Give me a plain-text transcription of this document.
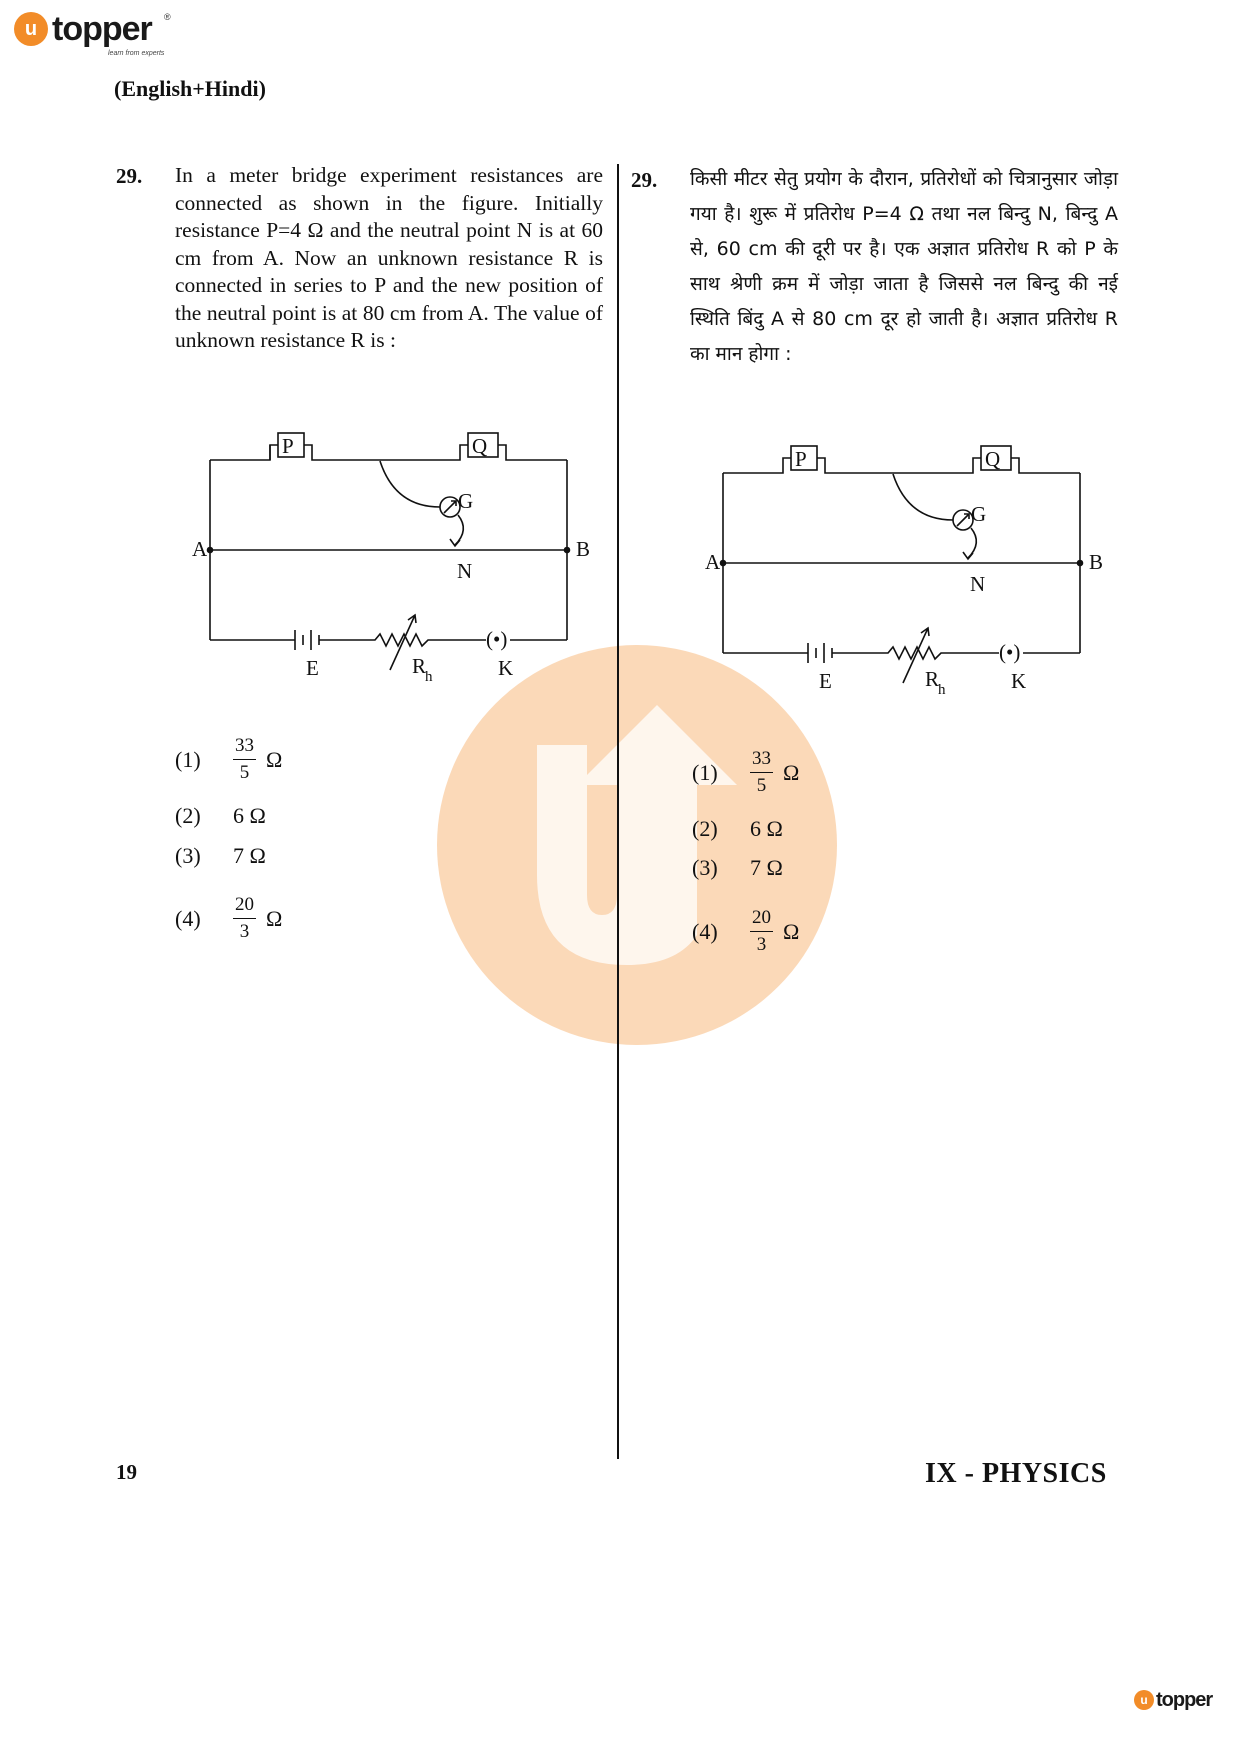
u topper ®
learn from experts
(English+Hindi)
29. In a meter bridge experiment resistances are connected as shown in the figure. Initially resistance P=4 Ω and the neutral point N is at 60 cm from A. Now an unknown resistance R is connected in series to P and the new position of the neutral point is at 80 cm from A. The value of unknown resistance R is :
29. किसी मीटर सेतु प्रयोग के दौरान, प्रतिरोधों को चित्रानुसार जोड़ा गया है। शुरू में प्रतिरोध P=4 Ω तथा नल बिन्दु N, बिन्दु A से, 60 cm की दूरी पर है। एक अज्ञात प्रतिरोध R को P के साथ श्रेणी क्रम में जोड़ा जाता है जिससे नल बिन्दु की नई स्थिति बिंदु A से 80 cm दूर हो जाती है। अज्ञात प्रतिरोध R का मान होगा :
P	Q
G
A	B
N
(•)
E	R
h	K
P	Q
G
A	B
N
(•)
E	R
h	K
(1)	$\frac{33}{5}$ Ω
(2)	6 Ω
(3)	7 Ω
(4)	$\frac{20}{3}$ Ω
(1)	$\frac{33}{5}$ Ω
(2)	6 Ω
(3)	7 Ω
(4)	$\frac{20}{3}$ Ω
19	IX - PHYSICS
u topper
